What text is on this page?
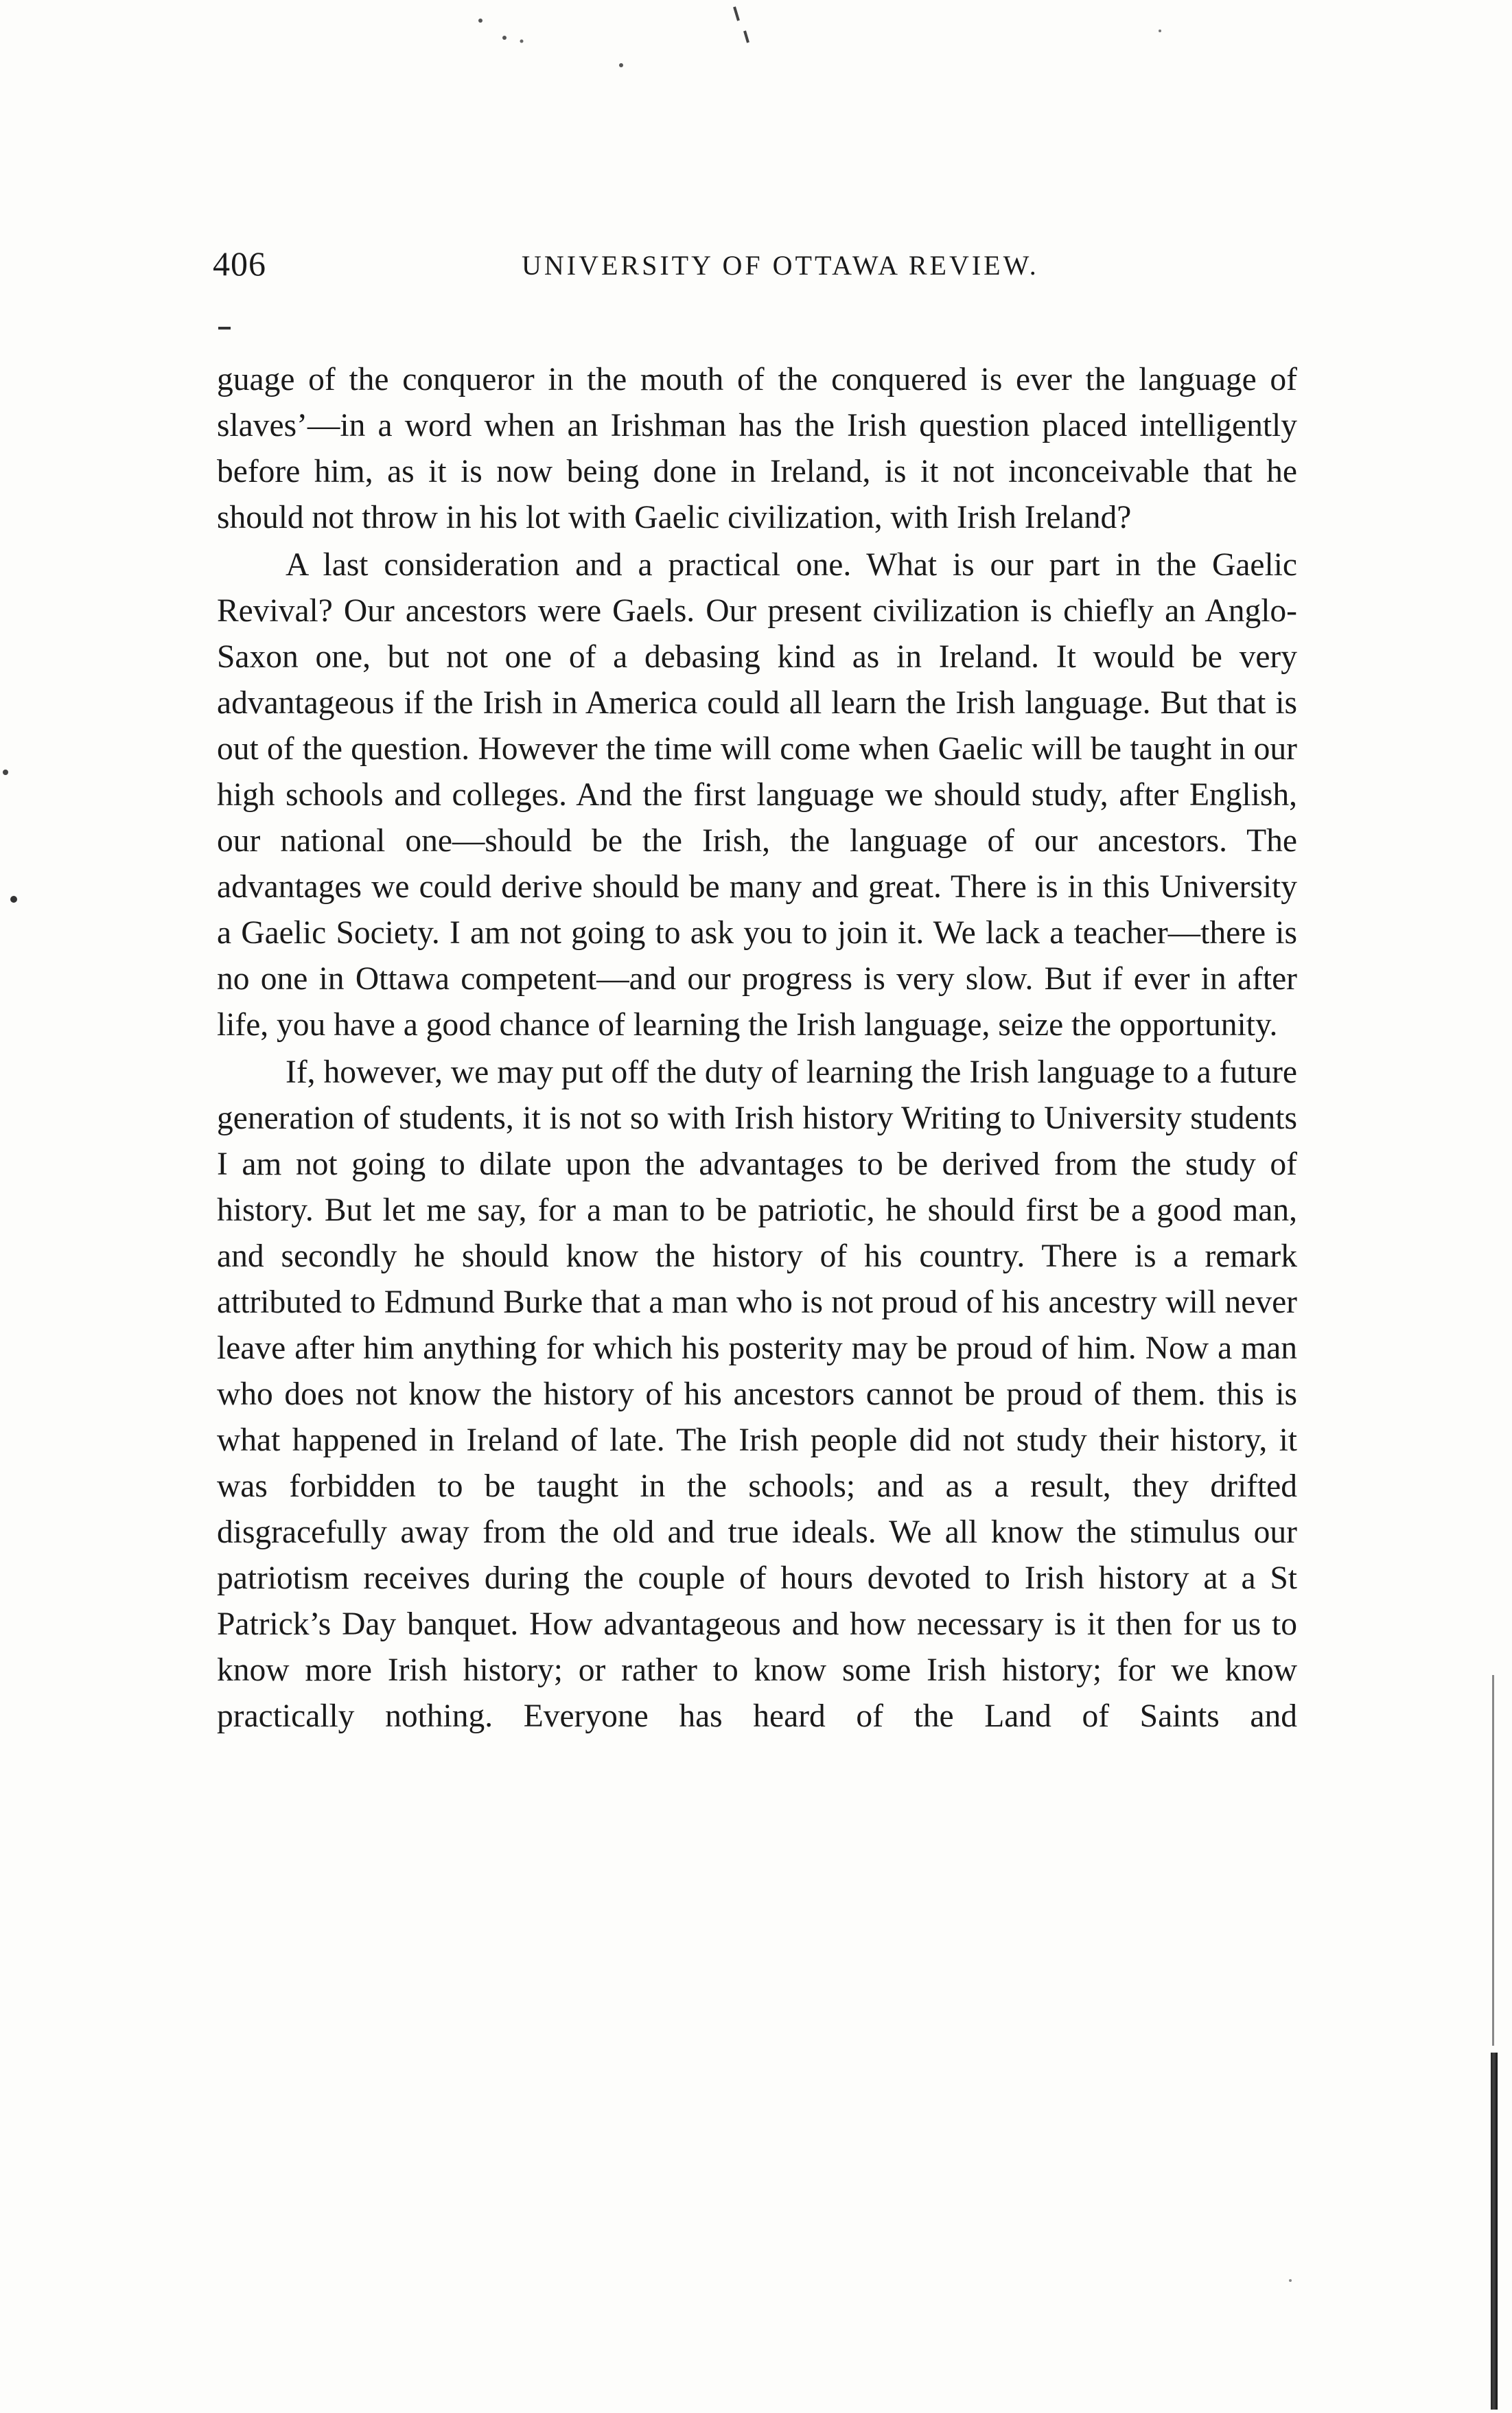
406	UNIVERSITY OF OTTAWA REVIEW.

guage of the conqueror in the mouth of the conquered is ever the language of slaves’—in a word when an Irishman has the Irish question placed intelligently before him, as it is now being done in Ireland, is it not inconceivable that he should not throw in his lot with Gaelic civilization, with Irish Ireland?

A last consideration and a practical one. What is our part in the Gaelic Revival? Our ancestors were Gaels. Our present civilization is chiefly an Anglo-Saxon one, but not one of a debasing kind as in Ireland. It would be very advantageous if the Irish in America could all learn the Irish language. But that is out of the question. However the time will come when Gaelic will be taught in our high schools and colleges. And the first language we should study, after English, our national one—should be the Irish, the language of our ancestors. The advantages we could derive should be many and great. There is in this University a Gaelic Society. I am not going to ask you to join it. We lack a teacher—there is no one in Ottawa competent—and our progress is very slow. But if ever in after life, you have a good chance of learning the Irish language, seize the opportunity.

If, however, we may put off the duty of learning the Irish language to a future generation of students, it is not so with Irish history Writing to University students I am not going to dilate upon the advantages to be derived from the study of history. But let me say, for a man to be patriotic, he should first be a good man, and secondly he should know the history of his country. There is a remark attributed to Edmund Burke that a man who is not proud of his ancestry will never leave after him anything for which his posterity may be proud of him. Now a man who does not know the history of his ancestors cannot be proud of them. this is what happened in Ireland of late. The Irish people did not study their history, it was forbidden to be taught in the schools; and as a result, they drifted disgracefully away from the old and true ideals. We all know the stimulus our patriotism receives during the couple of hours devoted to Irish history at a St Patrick’s Day banquet. How advantageous and how necessary is it then for us to know more Irish history; or rather to know some Irish history; for we know practically nothing. Everyone has heard of the Land of Saints and
